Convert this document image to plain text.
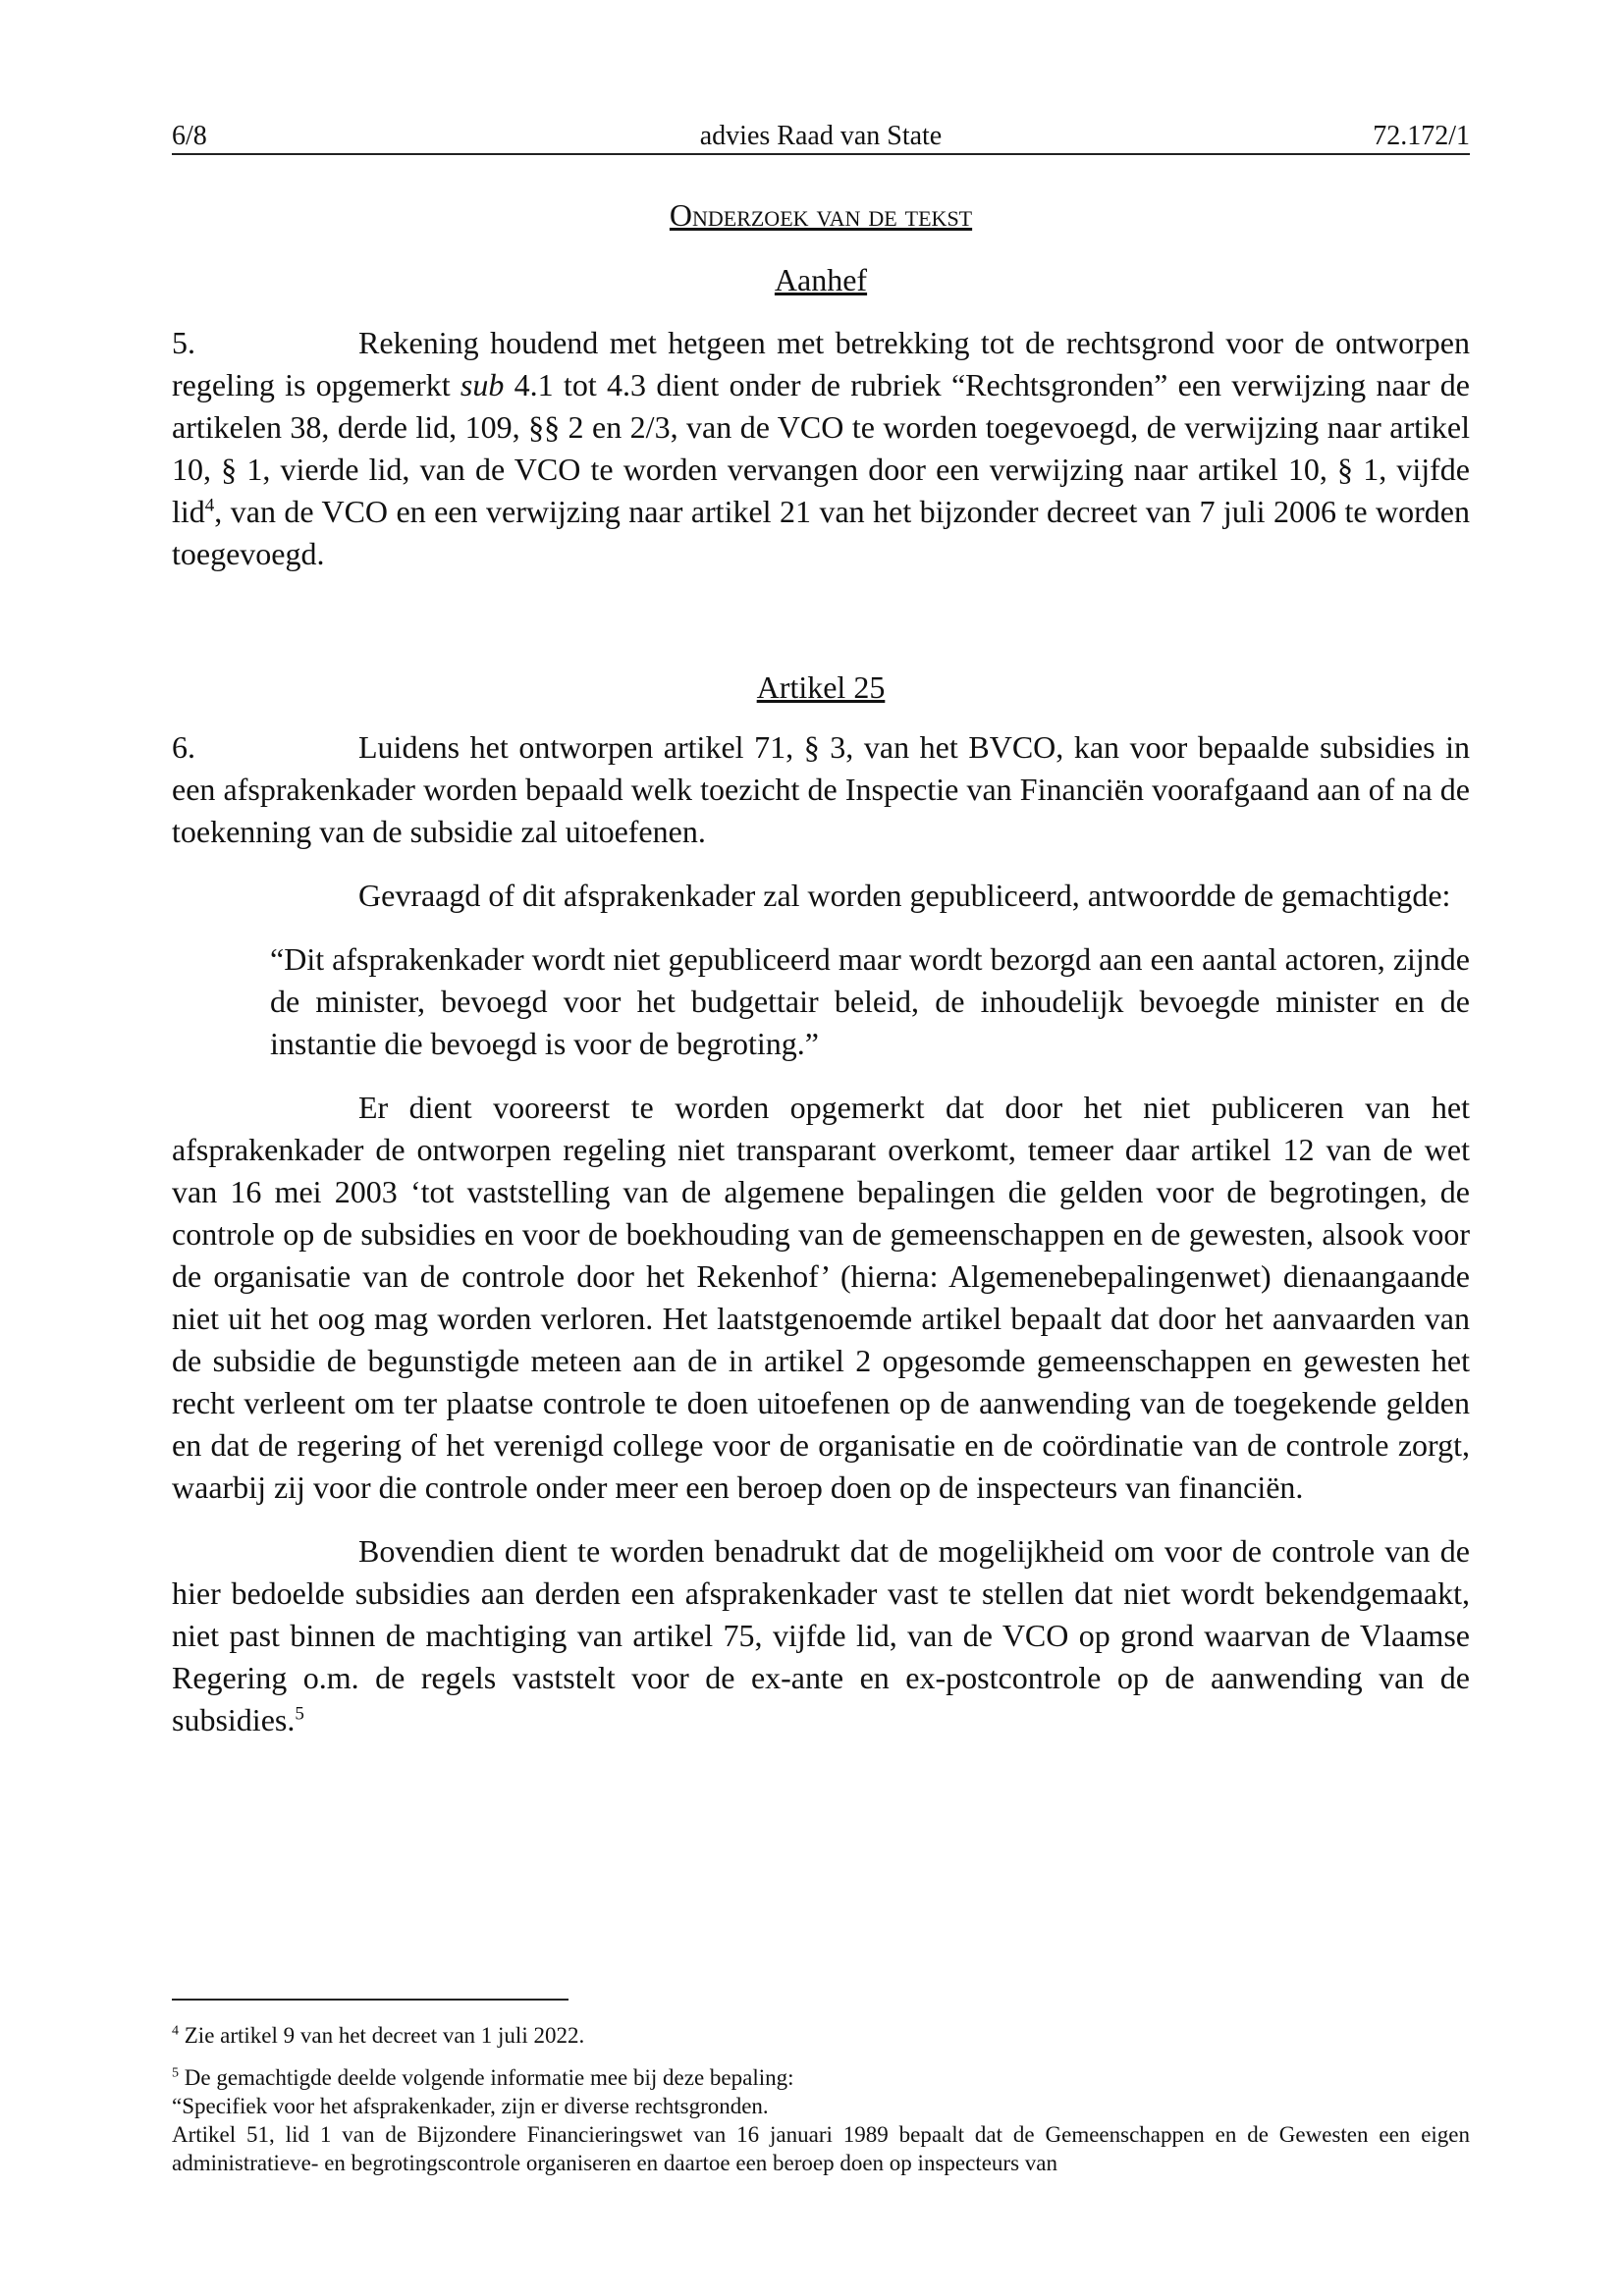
6/8	advies Raad van State	72.172/1

Onderzoek van de tekst

Aanhef

5.	Rekening houdend met hetgeen met betrekking tot de rechtsgrond voor de ontworpen regeling is opgemerkt sub 4.1 tot 4.3 dient onder de rubriek “Rechtsgronden” een verwijzing naar de artikelen 38, derde lid, 109, §§ 2 en 2/3, van de VCO te worden toegevoegd, de verwijzing naar artikel 10, § 1, vierde lid, van de VCO te worden vervangen door een verwijzing naar artikel 10, § 1, vijfde lid$^4$, van de VCO en een verwijzing naar artikel 21 van het bijzonder decreet van 7 juli 2006 te worden toegevoegd.

Artikel 25

6.	Luidens het ontworpen artikel 71, § 3, van het BVCO, kan voor bepaalde subsidies in een afsprakenkader worden bepaald welk toezicht de Inspectie van Financiën voorafgaand aan of na de toekenning van de subsidie zal uitoefenen.

Gevraagd of dit afsprakenkader zal worden gepubliceerd, antwoordde de gemachtigde:

“Dit afsprakenkader wordt niet gepubliceerd maar wordt bezorgd aan een aantal actoren, zijnde de minister, bevoegd voor het budgettair beleid, de inhoudelijk bevoegde minister en de instantie die bevoegd is voor de begroting.”

Er dient vooreerst te worden opgemerkt dat door het niet publiceren van het afsprakenkader de ontworpen regeling niet transparant overkomt, temeer daar artikel 12 van de wet van 16 mei 2003 ‘tot vaststelling van de algemene bepalingen die gelden voor de begrotingen, de controle op de subsidies en voor de boekhouding van de gemeenschappen en de gewesten, alsook voor de organisatie van de controle door het Rekenhof’ (hierna: Algemenebepalingenwet) dienaangaande niet uit het oog mag worden verloren. Het laatstgenoemde artikel bepaalt dat door het aanvaarden van de subsidie de begunstigde meteen aan de in artikel 2 opgesomde gemeenschappen en gewesten het recht verleent om ter plaatse controle te doen uitoefenen op de aanwending van de toegekende gelden en dat de regering of het verenigd college voor de organisatie en de coördinatie van de controle zorgt, waarbij zij voor die controle onder meer een beroep doen op de inspecteurs van financiën.

Bovendien dient te worden benadrukt dat de mogelijkheid om voor de controle van de hier bedoelde subsidies aan derden een afsprakenkader vast te stellen dat niet wordt bekendgemaakt, niet past binnen de machtiging van artikel 75, vijfde lid, van de VCO op grond waarvan de Vlaamse Regering o.m. de regels vaststelt voor de ex-ante en ex-postcontrole op de aanwending van de subsidies.$^5$

$^4$ Zie artikel 9 van het decreet van 1 juli 2022.

$^5$ De gemachtigde deelde volgende informatie mee bij deze bepaling:

“Specifiek voor het afsprakenkader, zijn er diverse rechtsgronden.

Artikel 51, lid 1 van de Bijzondere Financieringswet van 16 januari 1989 bepaalt dat de Gemeenschappen en de Gewesten een eigen administratieve- en begrotingscontrole organiseren en daartoe een beroep doen op inspecteurs van
